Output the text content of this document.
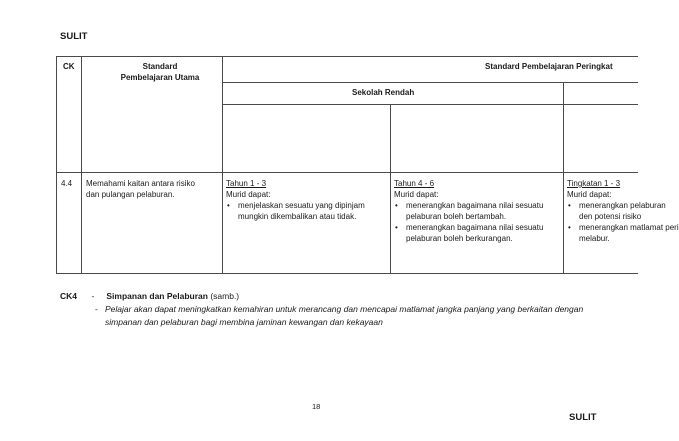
SULIT
CK	Standard Pembelajaran Utama
Standard Pembelajaran Peringkat
Sekolah Rendah
4.4 Memahami kaitan antara risiko dan pulangan pelaburan.
Tahun 1 - 3
Murid dapat:
• menjelaskan sesuatu yang dipinjam mungkin dikembalikan atau tidak.
Tahun 4 - 6
Murid dapat:
• menerangkan bagaimana nilai sesuatu pelaburan boleh bertambah.
• menerangkan bagaimana nilai sesuatu pelaburan boleh berkurangan.
Tingkatan 1 - 3
Murid dapat:
• menerangkan pelaburan den potensi risiko
• menerangkan matlamat peri melabur.
CK4  - Simpanan dan Pelaburan (samb.)
- Pelajar akan dapat meningkatkan kemahiran untuk merancang dan mencapai matlamat jangka panjang yang berkaitan dengan simpanan dan pelaburan bagi membina jaminan kewangan dan kekayaan
18
SULIT
